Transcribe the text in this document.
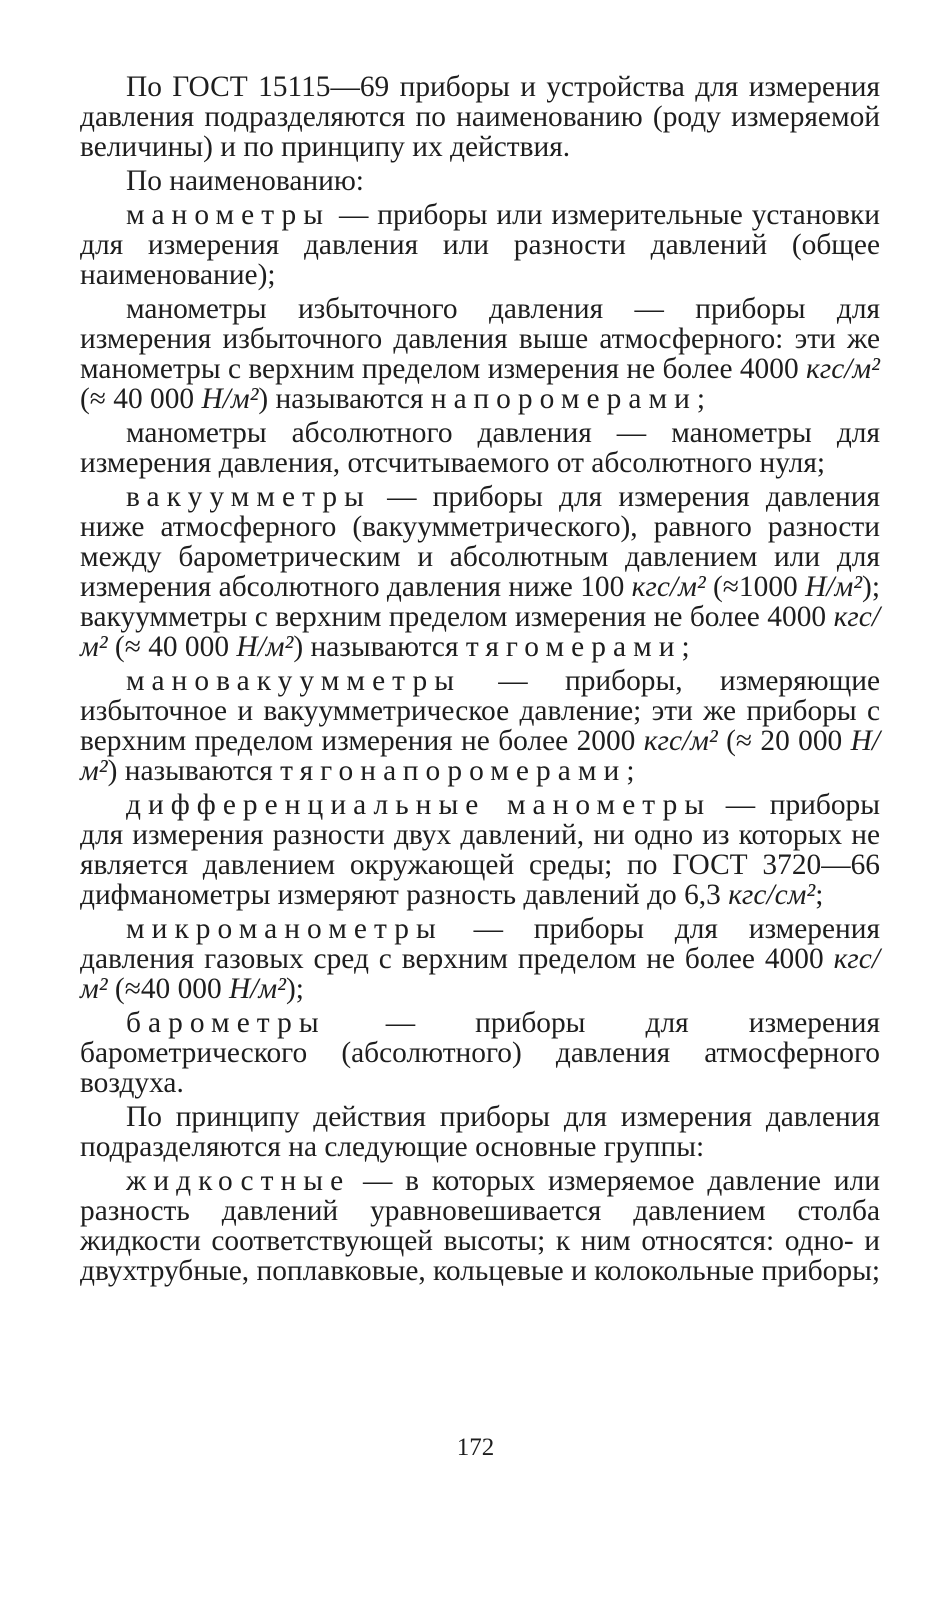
По ГОСТ 15115—69 приборы и устройства для измерения давления подразделяются по наименованию (роду измеряемой величины) и по принципу их действия.

По наименованию:

манометры — приборы или измерительные установки для измерения давления или разности давлений (общее наименование);

манометры избыточного давления — приборы для измерения избыточного давления выше атмосферного: эти же манометры с верхним пределом измерения не более 4000 кгс/м² (≈ 40 000 Н/м²) называются напоромерами;

манометры абсолютного давления — манометры для измерения давления, отсчитываемого от абсолютного нуля;

вакуумметры — приборы для измерения давления ниже атмосферного (вакуумметрического), равного разности между барометрическим и абсолютным давлением или для измерения абсолютного давления ниже 100 кгс/м² (≈1000 Н/м²); вакуумметры с верхним пределом измерения не более 4000 кгс/м² (≈ 40 000 Н/м²) называются тягомерами;

мановакуумметры — приборы, измеряющие избыточное и вакуумметрическое давление; эти же приборы с верхним пределом измерения не более 2000 кгс/м² (≈ 20 000 Н/м²) называются тягонапоромерами;

дифференциальные манометры — приборы для измерения разности двух давлений, ни одно из которых не является давлением окружающей среды; по ГОСТ 3720—66 дифманометры измеряют разность давлений до 6,3 кгс/см²;

микроманометры — приборы для измерения давления газовых сред с верхним пределом не более 4000 кгс/м² (≈40 000 Н/м²);

барометры — приборы для измерения барометрического (абсолютного) давления атмосферного воздуха.

По принципу действия приборы для измерения давления подразделяются на следующие основные группы:

жидкостные — в которых измеряемое давление или разность давлений уравновешивается давлением столба жидкости соответствующей высоты; к ним относятся: одно- и двухтрубные, поплавковые, кольцевые и колокольные приборы;

172
